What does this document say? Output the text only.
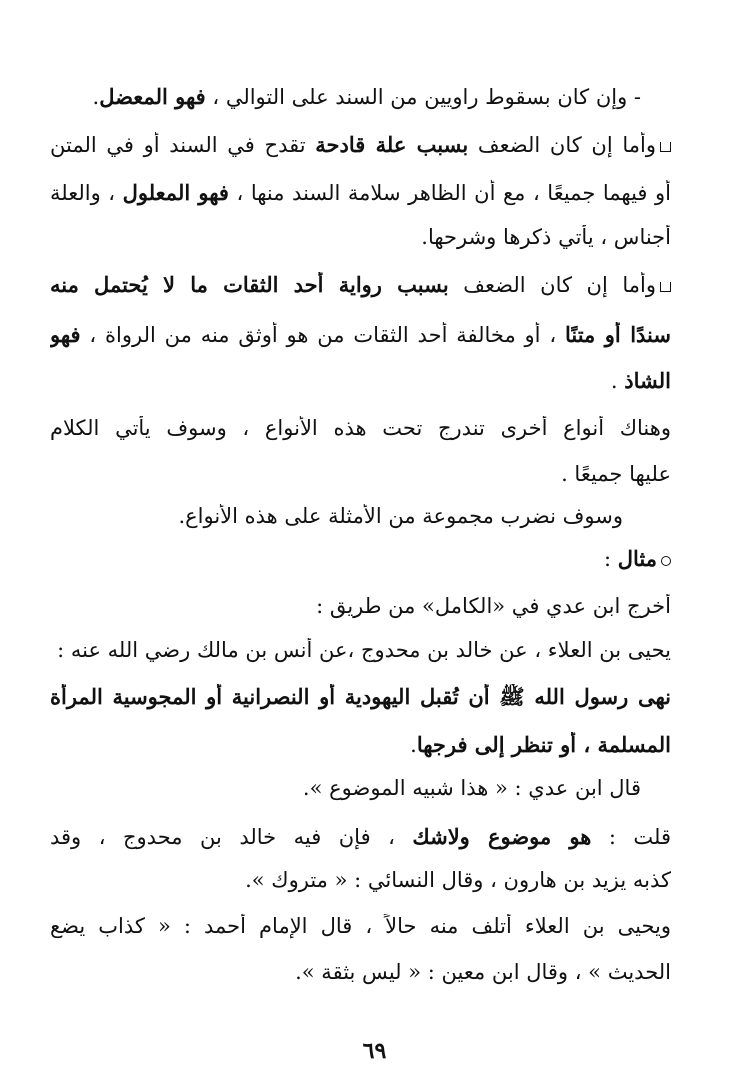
- وإن كان بسقوط راويين من السند على التوالي ، فهو المعضل.
وأما إن كان الضعف بسبب علة قادحة تقدح في السند أو في المتن
أو فيهما جميعًا ، مع أن الظاهر سلامة السند منها ، فهو المعلول ، والعلة
أجناس ، يأتي ذكرها وشرحها.
وأما إن كان الضعف بسبب رواية أحد الثقات ما لا يُحتمل منه
سندًا أو متنًا ، أو مخالفة أحد الثقات من هو أوثق منه من الرواة ، فهو
الشاذ .
وهناك أنواع أخرى تندرج تحت هذه الأنواع ، وسوف يأتي الكلام
عليها جميعًا .
وسوف نضرب مجموعة من الأمثلة على هذه الأنواع.
مثال :
أخرج ابن عدي في «الكامل» من طريق :
يحيى بن العلاء ، عن خالد بن محدوج ،عن أنس بن مالك رضي الله عنه :
نهى رسول الله ﷺ أن تُقبل اليهودية أو النصرانية أو المجوسية المرأة
المسلمة ، أو تنظر إلى فرجها.
قال ابن عدي : « هذا شبيه الموضوع ».
قلت : هو موضوع ولاشك ، فإن فيه خالد بن محدوج ، وقد
كذبه يزيد بن هارون ، وقال النسائي : « متروك ».
ويحيى بن العلاء أتلف منه حالاً ، قال الإمام أحمد : « كذاب يضع
الحديث » ، وقال ابن معين : « ليس بثقة ».
٦٩
